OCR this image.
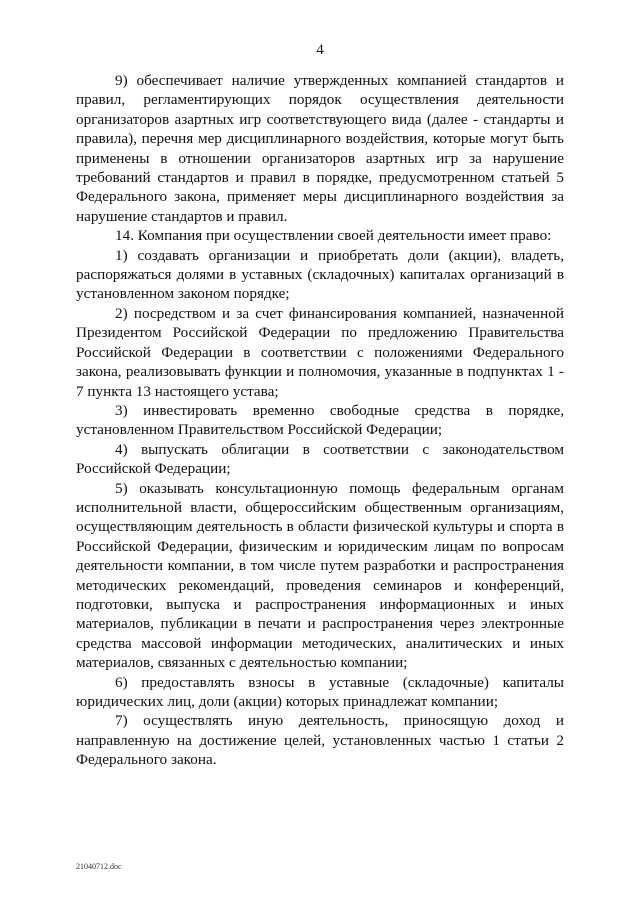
4

9) обеспечивает наличие утвержденных компанией стандартов и правил, регламентирующих порядок осуществления деятельности организаторов азартных игр соответствующего вида (далее - стандарты и правила), перечня мер дисциплинарного воздействия, которые могут быть применены в отношении организаторов азартных игр за нарушение требований стандартов и правил в порядке, предусмотренном статьей 5 Федерального закона, применяет меры дисциплинарного воздействия за нарушение стандартов и правил.

14. Компания при осуществлении своей деятельности имеет право:

1) создавать организации и приобретать доли (акции), владеть, распоряжаться долями в уставных (складочных) капиталах организаций в установленном законом порядке;

2) посредством и за счет финансирования компанией, назначенной Президентом Российской Федерации по предложению Правительства Российской Федерации в соответствии с положениями Федерального закона, реализовывать функции и полномочия, указанные в подпунктах 1 - 7 пункта 13 настоящего устава;

3) инвестировать временно свободные средства в порядке, установленном Правительством Российской Федерации;

4) выпускать облигации в соответствии с законодательством Российской Федерации;

5) оказывать консультационную помощь федеральным органам исполнительной власти, общероссийским общественным организациям, осуществляющим деятельность в области физической культуры и спорта в Российской Федерации, физическим и юридическим лицам по вопросам деятельности компании, в том числе путем разработки и распространения методических рекомендаций, проведения семинаров и конференций, подготовки, выпуска и распространения информационных и иных материалов, публикации в печати и распространения через электронные средства массовой информации методических, аналитических и иных материалов, связанных с деятельностью компании;

6) предоставлять взносы в уставные (складочные) капиталы юридических лиц, доли (акции) которых принадлежат компании;

7) осуществлять иную деятельность, приносящую доход и направленную на достижение целей, установленных частью 1 статьи 2 Федерального закона.

21040712.doc
